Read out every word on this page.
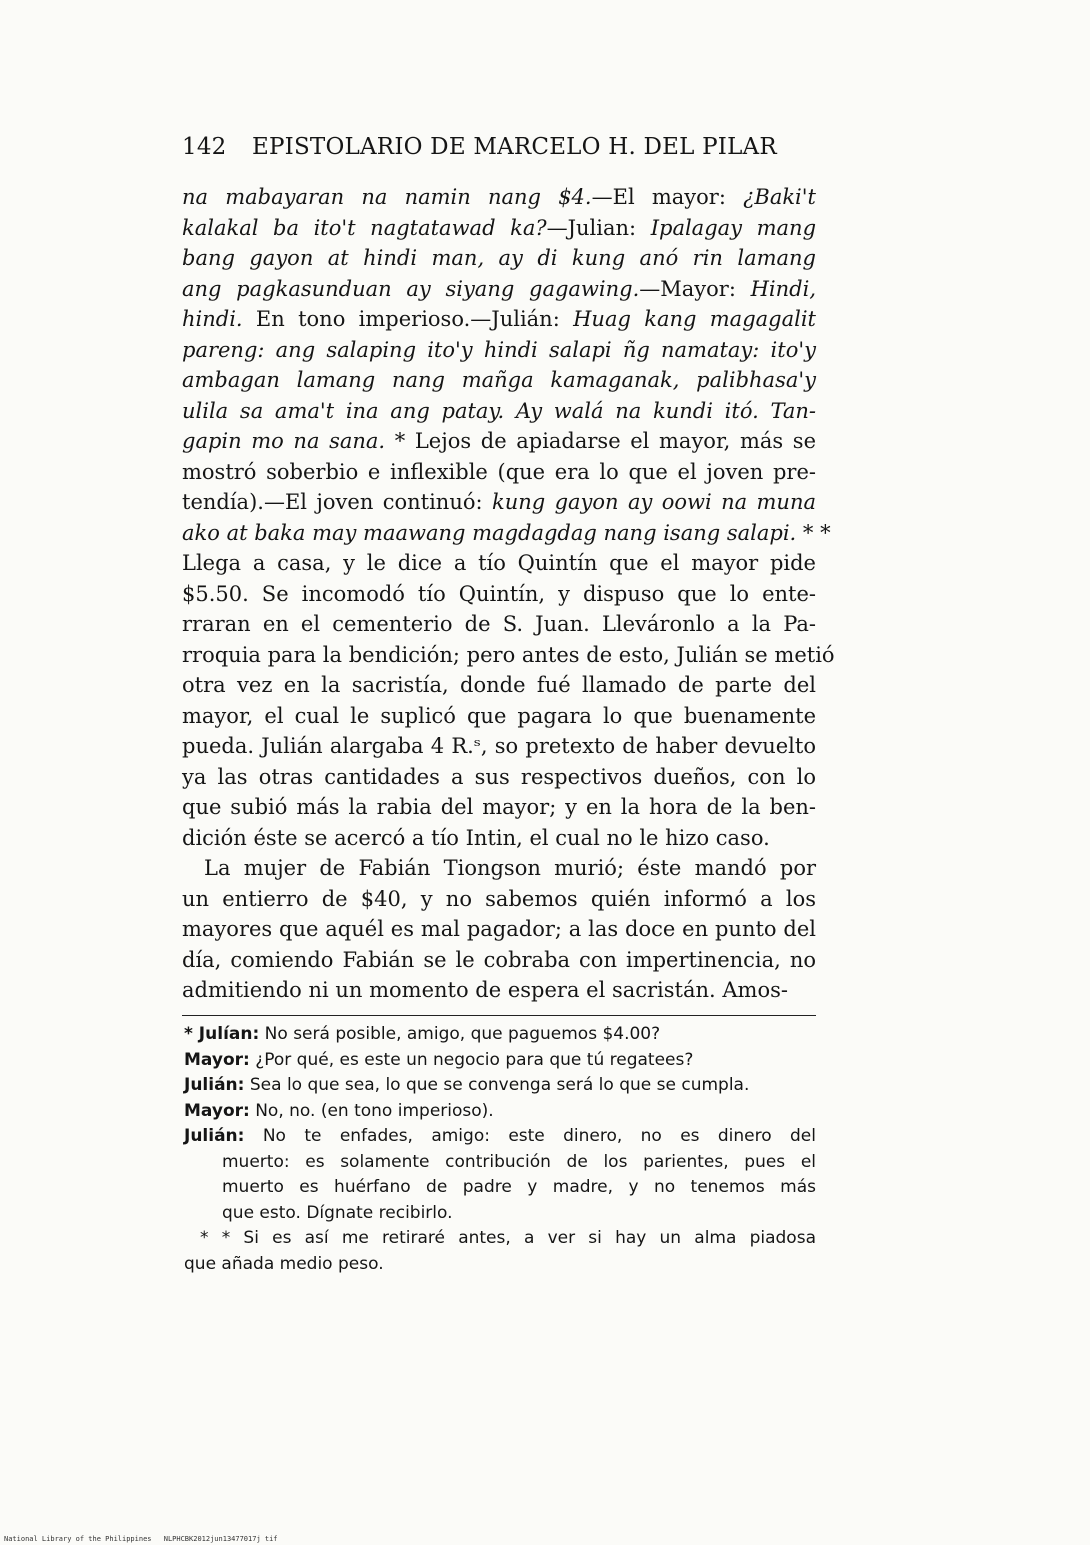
142 EPISTOLARIO DE MARCELO H. DEL PILAR
na mabayaran na namin nang $4.—El mayor: ¿Baki't
kalakal ba ito't nagtatawad ka?—Julian: Ipalagay mang
bang gayon at hindi man, ay di kung anó rin lamang
ang pagkasunduan ay siyang gagawing.—Mayor: Hindi,
hindi. En tono imperioso.—Julián: Huag kang magagalit
pareng: ang salaping ito'y hindi salapi ñg namatay: ito'y
ambagan lamang nang mañga kamaganak, palibhasa'y
ulila sa ama't ina ang patay. Ay walá na kundi itó. Tan-
gapin mo na sana. * Lejos de apiadarse el mayor, más se
mostró soberbio e inflexible (que era lo que el joven pre-
tendía).—El joven continuó: kung gayon ay oowi na muna
ako at baka may maawang magdagdag nang isang salapi. * *
Llega a casa, y le dice a tío Quintín que el mayor pide
$5.50. Se incomodó tío Quintín, y dispuso que lo ente-
rraran en el cementerio de S. Juan. Lleváronlo a la Pa-
rroquia para la bendición; pero antes de esto, Julián se metió
otra vez en la sacristía, donde fué llamado de parte del
mayor, el cual le suplicó que pagara lo que buenamente
pueda. Julián alargaba 4 R.ˢ, so pretexto de haber devuelto
ya las otras cantidades a sus respectivos dueños, con lo
que subió más la rabia del mayor; y en la hora de la ben-
dición éste se acercó a tío Intin, el cual no le hizo caso.
La mujer de Fabián Tiongson murió; éste mandó por
un entierro de $40, y no sabemos quién informó a los
mayores que aquél es mal pagador; a las doce en punto del
día, comiendo Fabián se le cobraba con impertinencia, no
admitiendo ni un momento de espera el sacristán. Amos-
* Julían: No será posible, amigo, que paguemos $4.00?
Mayor: ¿Por qué, es este un negocio para que tú regatees?
Julián: Sea lo que sea, lo que se convenga será lo que se cumpla.
Mayor: No, no. (en tono imperioso).
Julián: No te enfades, amigo: este dinero, no es dinero del
muerto: es solamente contribución de los parientes, pues el
muerto es huérfano de padre y madre, y no tenemos más
que esto. Dígnate recibirlo.
* * Si es así me retiraré antes, a ver si hay un alma piadosa
que añada medio peso.
National Library of the Philippines NLPHCBK2012jun13477017j tif
